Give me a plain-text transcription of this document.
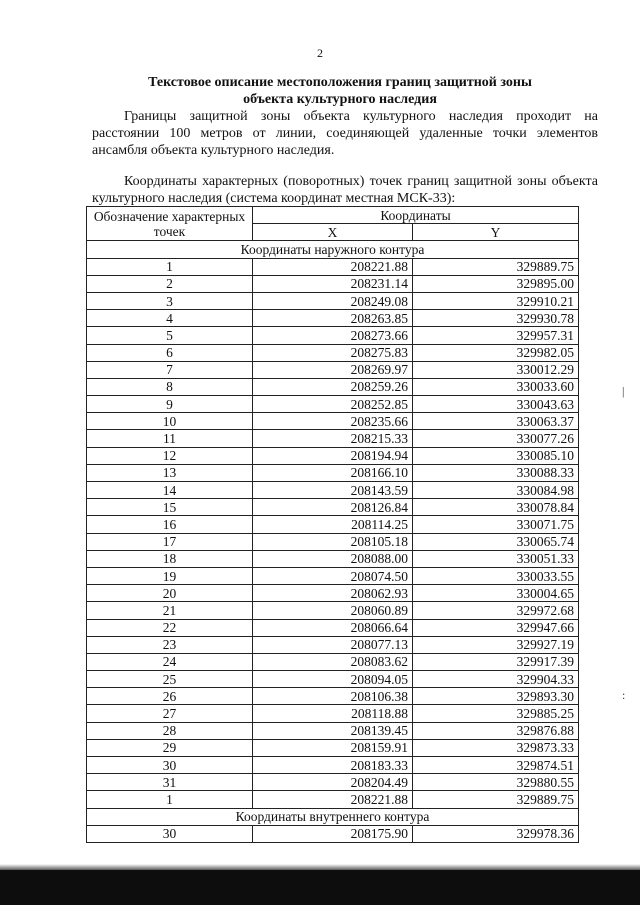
2
Текстовое описание местоположения границ защитной зоны
объекта культурного наследия

Границы защитной зоны объекта культурного наследия проходит на расстоянии 100 метров от линии, соединяющей удаленные точки элементов ансамбля объекта культурного наследия.

Координаты характерных (поворотных) точек границ защитной зоны объекта культурного наследия (система координат местная МСК-33):

Обозначение характерных точек	Координаты	
	X	Y
Координаты наружного контура		
1	208221.88	329889.75
2	208231.14	329895.00
3	208249.08	329910.21
4	208263.85	329930.78
5	208273.66	329957.31
6	208275.83	329982.05
7	208269.97	330012.29
8	208259.26	330033.60
9	208252.85	330043.63
10	208235.66	330063.37
11	208215.33	330077.26
12	208194.94	330085.10
13	208166.10	330088.33
14	208143.59	330084.98
15	208126.84	330078.84
16	208114.25	330071.75
17	208105.18	330065.74
18	208088.00	330051.33
19	208074.50	330033.55
20	208062.93	330004.65
21	208060.89	329972.68
22	208066.64	329947.66
23	208077.13	329927.19
24	208083.62	329917.39
25	208094.05	329904.33
26	208106.38	329893.30
27	208118.88	329885.25
28	208139.45	329876.88
29	208159.91	329873.33
30	208183.33	329874.51
31	208204.49	329880.55
1	208221.88	329889.75
Координаты внутреннего контура		
30	208175.90	329978.36
|
:
